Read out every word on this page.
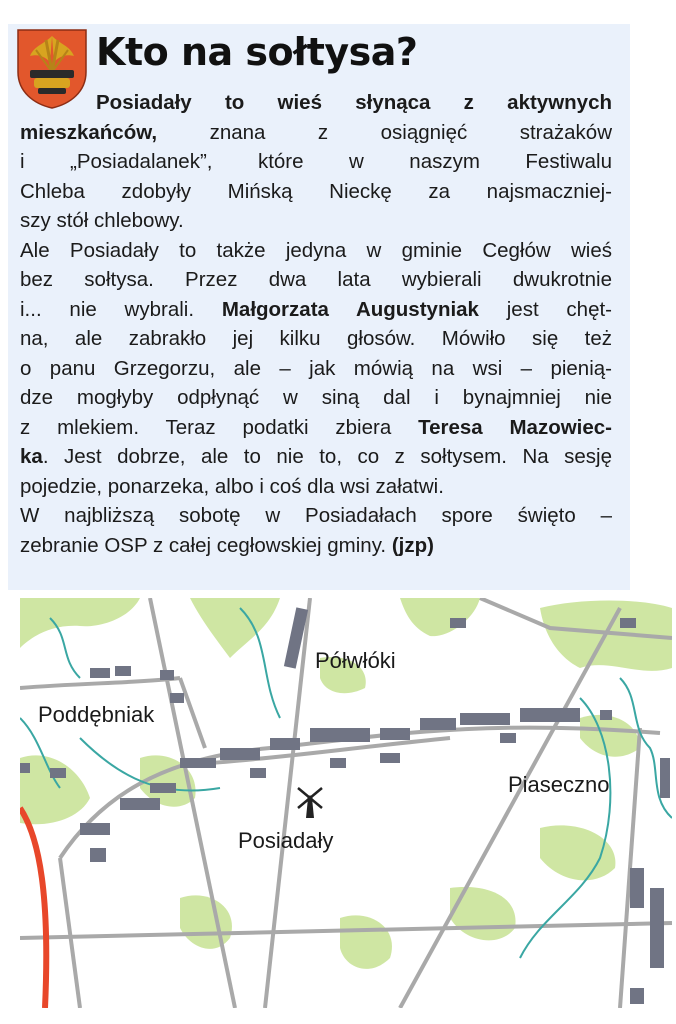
Kto na sołtysa?
Posiadały to wieś słynąca z aktywnych
mieszkańców, znana z osiągnięć strażaków
i „Posiadalanek”, które w naszym Festiwalu
Chleba zdobyły Mińską Nieckę za najsmaczniej-
szy stół chlebowy.
Ale Posiadały to także jedyna w gminie Cegłów wieś
bez sołtysa. Przez dwa lata wybierali dwukrotnie
i... nie wybrali. Małgorzata Augustyniak jest chęt-
na, ale zabrakło jej kilku głosów. Mówiło się też
o panu Grzegorzu, ale – jak mówią na wsi – pienią-
dze mogłyby odpłynąć w siną dal i bynajmniej nie
z mlekiem. Teraz podatki zbiera Teresa Mazowiec-
ka. Jest dobrze, ale to nie to, co z sołtysem. Na sesję
pojedzie, ponarzeka, albo i coś dla wsi załatwi.
W najbliższą sobotę w Posiadałach spore święto –
zebranie OSP z całej cegłowskiej gminy. (jzp)
Półwłóki
Poddębniak
Piaseczno
Posiadały
